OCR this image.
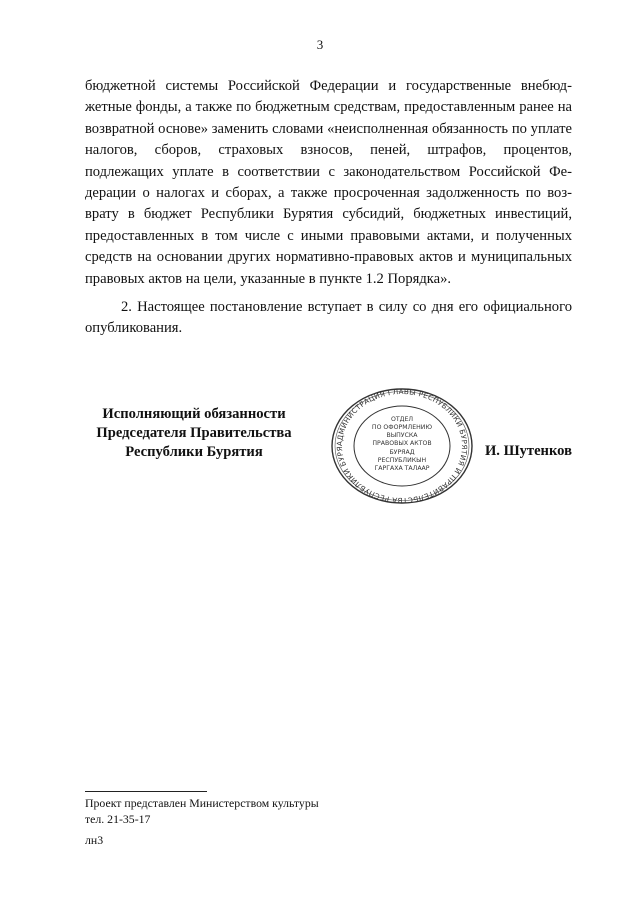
3

бюджетной системы Российской Федерации и государственные внебюджетные фонды, а также по бюджетным средствам, предоставленным ранее на возвратной основе» заменить словами «неисполненная обязанность по уплате налогов, сборов, страховых взносов, пеней, штрафов, процентов, подлежащих уплате в соответствии с законодательством Российской Федерации о налогах и сборах, а также просроченная задолженность по возврату в бюджет Республики Бурятия субсидий, бюджетных инвестиций, предоставленных в том числе с иными правовыми актами, и полученных средств на основании других нормативно-правовых актов и муниципальных правовых актов на цели, указанные в пункте 1.2 Порядка».

2. Настоящее постановление вступает в силу со дня его официального опубликования.

Исполняющий обязанности
Председателя Правительства
Республики Бурятия
АДМИНИСТРАЦИЯ ГЛАВЫ РЕСПУБЛИКИ БУРЯТИЯ И ПРАВИТЕЛЬСТВА РЕСПУБЛИКИ БУРЯ
ОТДЕЛ
ПО ОФОРМЛЕНИЮ
ВЫПУСКА
ПРАВОВЫХ АКТОВ
БУРЯАД
РЕСПУБЛИКЫН
ГАРГАХА ТАЛААР
И. Шутенков
Проект представлен Министерством культуры
тел. 21-35-17
лн3
